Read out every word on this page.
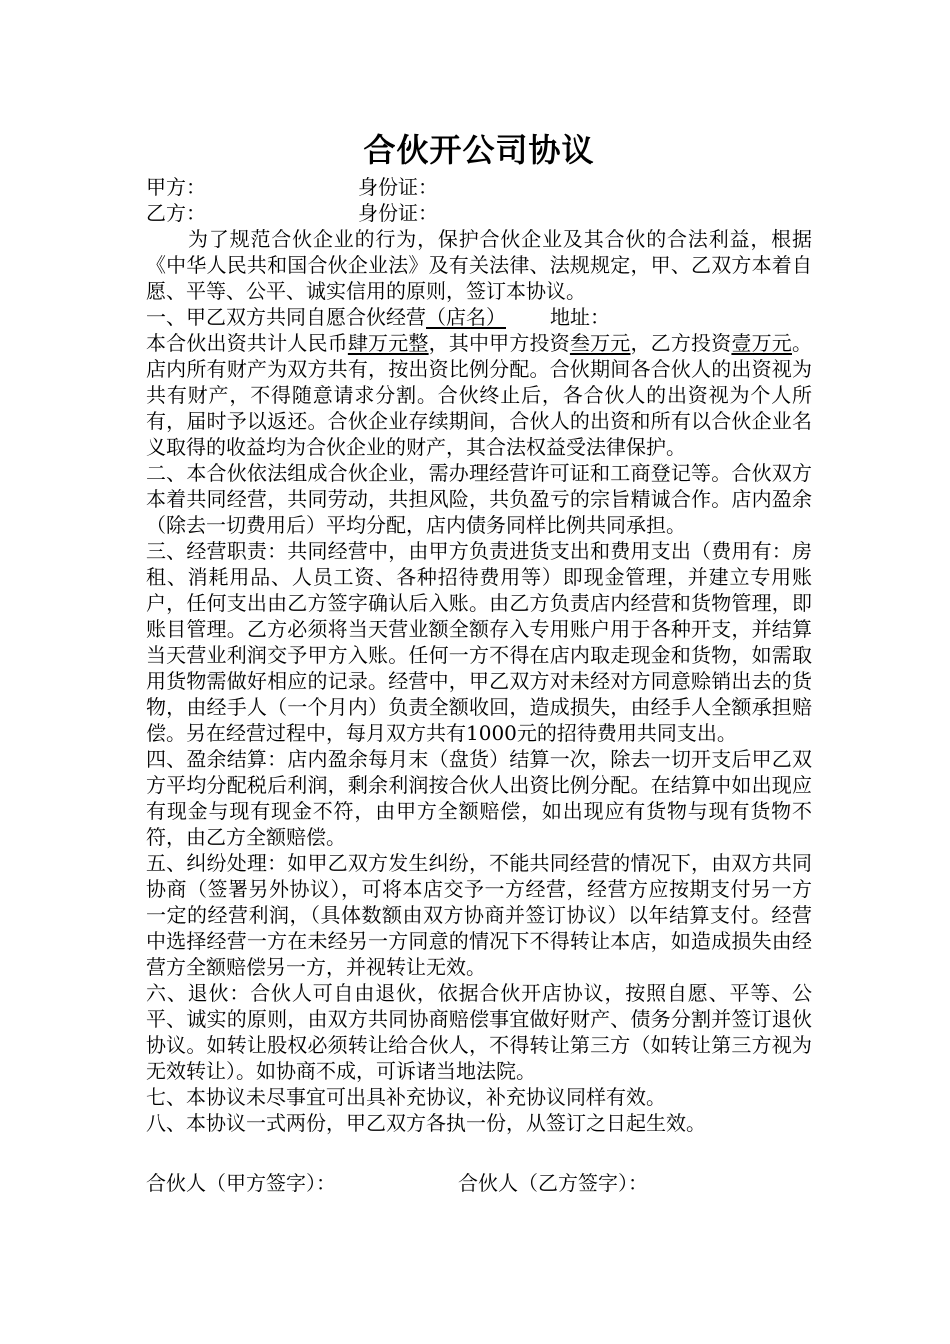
合伙开公司协议
甲方：	身份证：
乙方：	身份证：

为了规范合伙企业的行为，保护合伙企业及其合伙的合法利益，根据《中华人民共和国合伙企业法》及有关法律、法规规定，甲、乙双方本着自愿、平等、公平、诚实信用的原则，签订本协议。

一、甲乙双方共同自愿合伙经营（店名） 地址：

本合伙出资共计人民币肆万元整，其中甲方投资叁万元，乙方投资壹万元。店内所有财产为双方共有，按出资比例分配。合伙期间各合伙人的出资视为共有财产，不得随意请求分割。合伙终止后，各合伙人的出资视为个人所有，届时予以返还。合伙企业存续期间，合伙人的出资和所有以合伙企业名义取得的收益均为合伙企业的财产，其合法权益受法律保护。

二、本合伙依法组成合伙企业，需办理经营许可证和工商登记等。合伙双方本着共同经营，共同劳动，共担风险，共负盈亏的宗旨精诚合作。店内盈余（除去一切费用后）平均分配，店内债务同样比例共同承担。

三、经营职责：共同经营中，由甲方负责进货支出和费用支出（费用有：房租、消耗用品、人员工资、各种招待费用等）即现金管理，并建立专用账户，任何支出由乙方签字确认后入账。由乙方负责店内经营和货物管理，即账目管理。乙方必须将当天营业额全额存入专用账户用于各种开支，并结算当天营业利润交予甲方入账。任何一方不得在店内取走现金和货物，如需取用货物需做好相应的记录。经营中，甲乙双方对未经对方同意赊销出去的货物，由经手人（一个月内）负责全额收回，造成损失，由经手人全额承担赔偿。另在经营过程中，每月双方共有1000元的招待费用共同支出。

四、盈余结算：店内盈余每月末（盘货）结算一次，除去一切开支后甲乙双方平均分配税后利润，剩余利润按合伙人出资比例分配。在结算中如出现应有现金与现有现金不符，由甲方全额赔偿，如出现应有货物与现有货物不符，由乙方全额赔偿。

五、纠纷处理：如甲乙双方发生纠纷，不能共同经营的情况下，由双方共同协商（签署另外协议），可将本店交予一方经营，经营方应按期支付另一方一定的经营利润，（具体数额由双方协商并签订协议）以年结算支付。经营中选择经营一方在未经另一方同意的情况下不得转让本店，如造成损失由经营方全额赔偿另一方，并视转让无效。

六、退伙：合伙人可自由退伙，依据合伙开店协议，按照自愿、平等、公平、诚实的原则，由双方共同协商赔偿事宜做好财产、债务分割并签订退伙协议。如转让股权必须转让给合伙人，不得转让第三方（如转让第三方视为无效转让）。如协商不成，可诉诸当地法院。

七、本协议未尽事宜可出具补充协议，补充协议同样有效。

八、本协议一式两份，甲乙双方各执一份，从签订之日起生效。

合伙人（甲方签字）：	合伙人（乙方签字）：
